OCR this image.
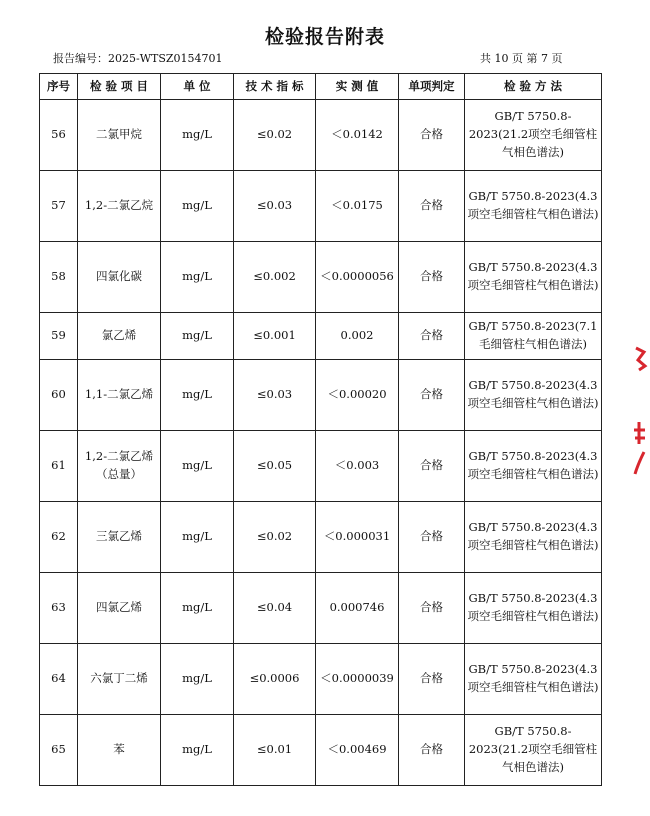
检验报告附表
报告编号：2025-WTSZ0154701	共 10 页 第 7 页
序号	检 验 项 目	单 位	技 术 指 标	实 测 值	单项判定	检 验 方 法
56	二氯甲烷	mg/L	≤0.02	＜0.0142	合格	GB/T 5750.8-2023(21.2项空毛细管柱气相色谱法)
57	1,2-二氯乙烷	mg/L	≤0.03	＜0.0175	合格	GB/T 5750.8-2023(4.3项空毛细管柱气相色谱法)
58	四氯化碳	mg/L	≤0.002	＜0.0000056	合格	GB/T 5750.8-2023(4.3项空毛细管柱气相色谱法)
59	氯乙烯	mg/L	≤0.001	0.002	合格	GB/T 5750.8-2023(7.1毛细管柱气相色谱法)
60	1,1-二氯乙烯	mg/L	≤0.03	＜0.00020	合格	GB/T 5750.8-2023(4.3项空毛细管柱气相色谱法)
61	1,2-二氯乙烯（总量）	mg/L	≤0.05	＜0.003	合格	GB/T 5750.8-2023(4.3项空毛细管柱气相色谱法)
62	三氯乙烯	mg/L	≤0.02	＜0.000031	合格	GB/T 5750.8-2023(4.3项空毛细管柱气相色谱法)
63	四氯乙烯	mg/L	≤0.04	0.000746	合格	GB/T 5750.8-2023(4.3项空毛细管柱气相色谱法)
64	六氯丁二烯	mg/L	≤0.0006	＜0.0000039	合格	GB/T 5750.8-2023(4.3项空毛细管柱气相色谱法)
65	苯	mg/L	≤0.01	＜0.00469	合格	GB/T 5750.8-2023(21.2项空毛细管柱气相色谱法)
